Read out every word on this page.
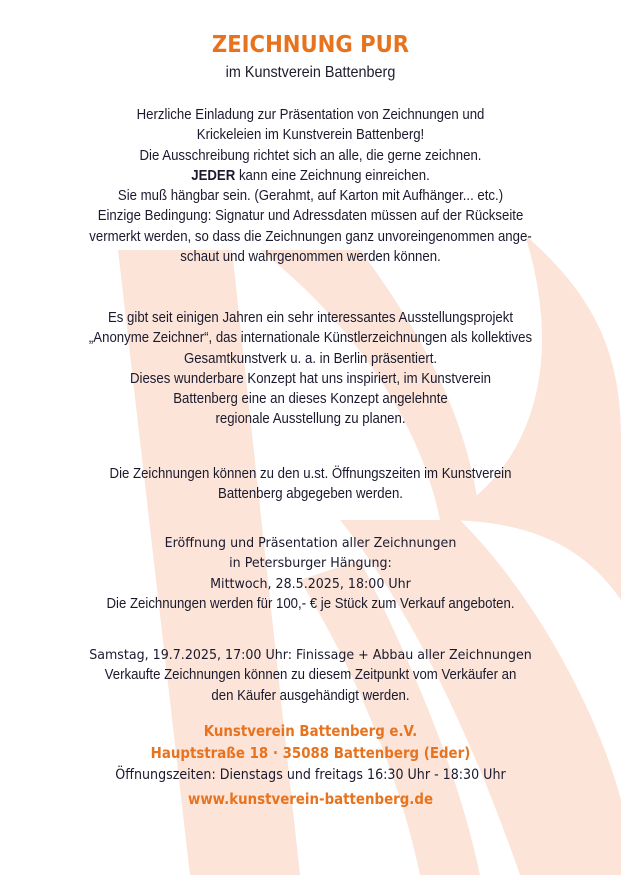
ZEICHNUNG PUR
im Kunstverein Battenberg

Herzliche Einladung zur Präsentation von Zeichnungen und

Krickeleien im Kunstverein Battenberg!

Die Ausschreibung richtet sich an alle, die gerne zeichnen.

JEDER kann eine Zeichnung einreichen.

Sie muß hängbar sein. (Gerahmt, auf Karton mit Aufhänger... etc.)

Einzige Bedingung: Signatur und Adressdaten müssen auf der Rückseite

vermerkt werden, so dass die Zeichnungen ganz unvoreingenommen ange-

schaut und wahrgenommen werden können.

Es gibt seit einigen Jahren ein sehr interessantes Ausstellungsprojekt

„Anonyme Zeichner“, das internationale Künstlerzeichnungen als kollektives

Gesamtkunstverk u. a. in Berlin präsentiert.

Dieses wunderbare Konzept hat uns inspiriert, im Kunstverein

Battenberg eine an dieses Konzept angelehnte

regionale Ausstellung zu planen.

Die Zeichnungen können zu den u.st. Öffnungszeiten im Kunstverein

Battenberg abgegeben werden.

Eröffnung und Präsentation aller Zeichnungen

in Petersburger Hängung:

Mittwoch, 28.5.2025, 18:00 Uhr

Die Zeichnungen werden für 100,- € je Stück zum Verkauf angeboten.

Samstag, 19.7.2025, 17:00 Uhr: Finissage + Abbau aller Zeichnungen

Verkaufte Zeichnungen können zu diesem Zeitpunkt vom Verkäufer an

den Käufer ausgehändigt werden.

Kunstverein Battenberg e.V.

Hauptstraße 18 · 35088 Battenberg (Eder)

Öffnungszeiten: Dienstags und freitags 16:30 Uhr - 18:30 Uhr

www.kunstverein-battenberg.de
